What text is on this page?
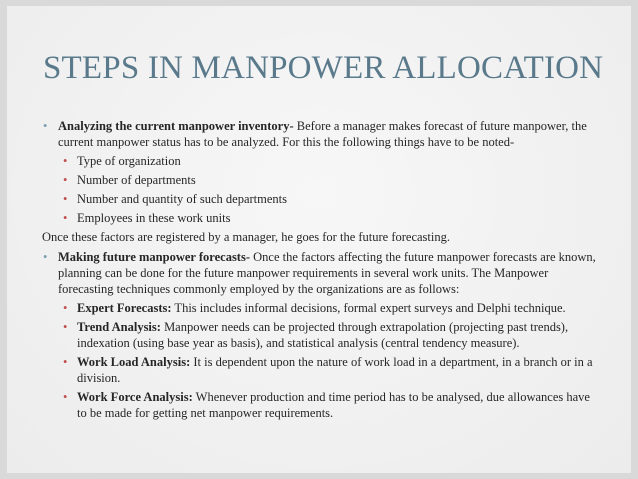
STEPS IN MANPOWER ALLOCATION
• Analyzing the current manpower inventory- Before a manager makes forecast of future manpower, the current manpower status has to be analyzed. For this the following things have to be noted-
• Type of organization
• Number of departments
• Number and quantity of such departments
• Employees in these work units
Once these factors are registered by a manager, he goes for the future forecasting.
• Making future manpower forecasts- Once the factors affecting the future manpower forecasts are known, planning can be done for the future manpower requirements in several work units. The Manpower forecasting techniques commonly employed by the organizations are as follows:
• Expert Forecasts: This includes informal decisions, formal expert surveys and Delphi technique.
• Trend Analysis: Manpower needs can be projected through extrapolation (projecting past trends), indexation (using base year as basis), and statistical analysis (central tendency measure).
• Work Load Analysis: It is dependent upon the nature of work load in a department, in a branch or in a division.
• Work Force Analysis: Whenever production and time period has to be analysed, due allowances have to be made for getting net manpower requirements.
